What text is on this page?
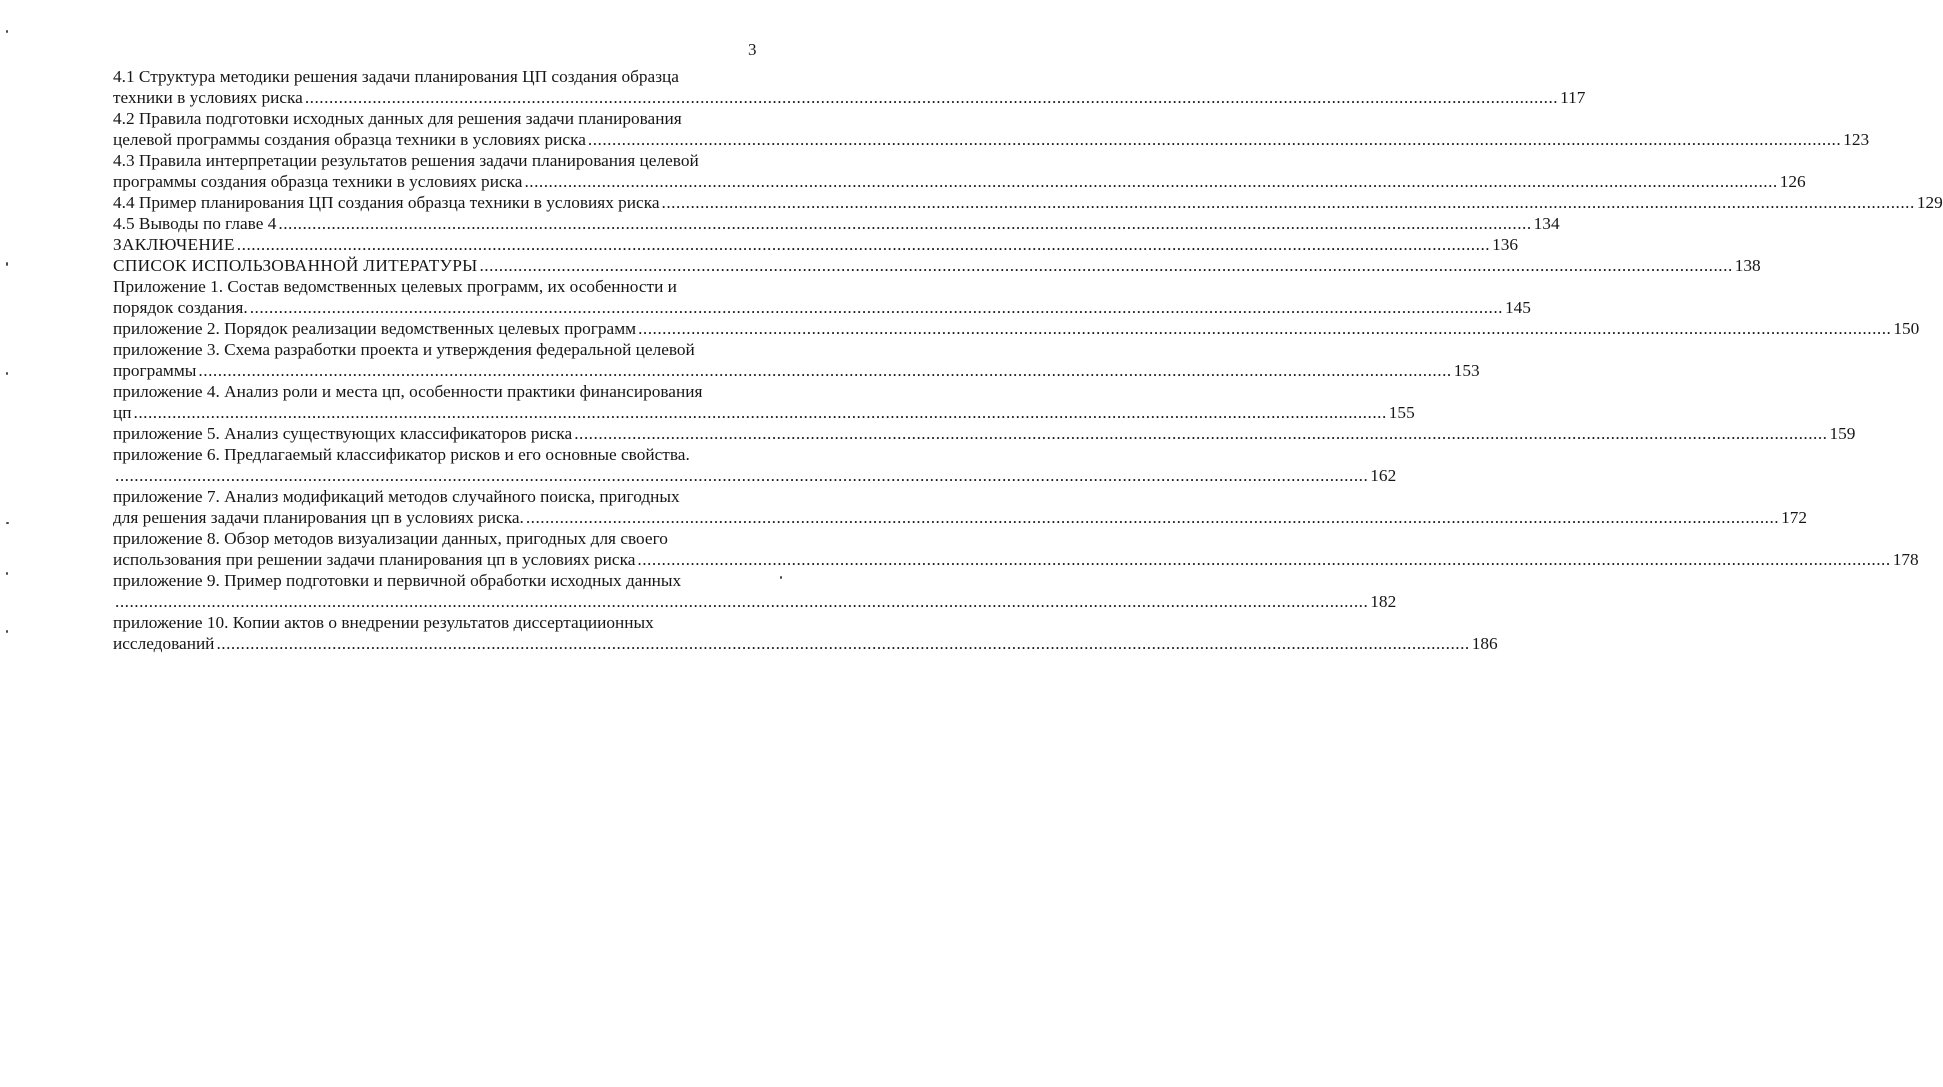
3
4.1 Структура методики решения задачи планирования ЦП создания образца
техники в условиях риска .................................................................................................................................................................................................................................................................... 117
4.2 Правила подготовки исходных данных для решения задачи планирования
целевой программы создания образца техники в условиях риска .................................................................................................................................................................................................................................................................... 123
4.3 Правила интерпретации результатов решения задачи планирования целевой
программы создания образца техники в условиях риска .................................................................................................................................................................................................................................................................... 126
4.4 Пример планирования ЦП создания образца техники в условиях риска .................................................................................................................................................................................................................................................................... 129
4.5 Выводы по главе 4 .................................................................................................................................................................................................................................................................... 134
ЗАКЛЮЧЕНИЕ .................................................................................................................................................................................................................................................................... 136
СПИСОК ИСПОЛЬЗОВАННОЙ ЛИТЕРАТУРЫ .................................................................................................................................................................................................................................................................... 138
Приложение 1. Состав ведомственных целевых программ, их особенности и
порядок создания. .................................................................................................................................................................................................................................................................... 145
приложение 2. Порядок реализации ведомственных целевых программ .................................................................................................................................................................................................................................................................... 150
приложение 3. Схема разработки проекта и утверждения федеральной целевой
программы .................................................................................................................................................................................................................................................................... 153
приложение 4. Анализ роли и места цп, особенности практики финансирования
цп .................................................................................................................................................................................................................................................................... 155
приложение 5. Анализ существующих классификаторов риска .................................................................................................................................................................................................................................................................... 159
приложение 6. Предлагаемый классификатор рисков и его основные свойства.
.................................................................................................................................................................................................................................................................... 162
приложение 7. Анализ модификаций методов случайного поиска, пригодных
для решения задачи планирования цп в условиях риска. .................................................................................................................................................................................................................................................................... 172
приложение 8. Обзор методов визуализации данных, пригодных для своего
использования при решении задачи планирования цп в условиях риска .................................................................................................................................................................................................................................................................... 178
приложение 9. Пример подготовки и первичной обработки исходных данных
.................................................................................................................................................................................................................................................................... 182
приложение 10. Копии актов о внедрении результатов диссертациионных
исследований .................................................................................................................................................................................................................................................................... 186
